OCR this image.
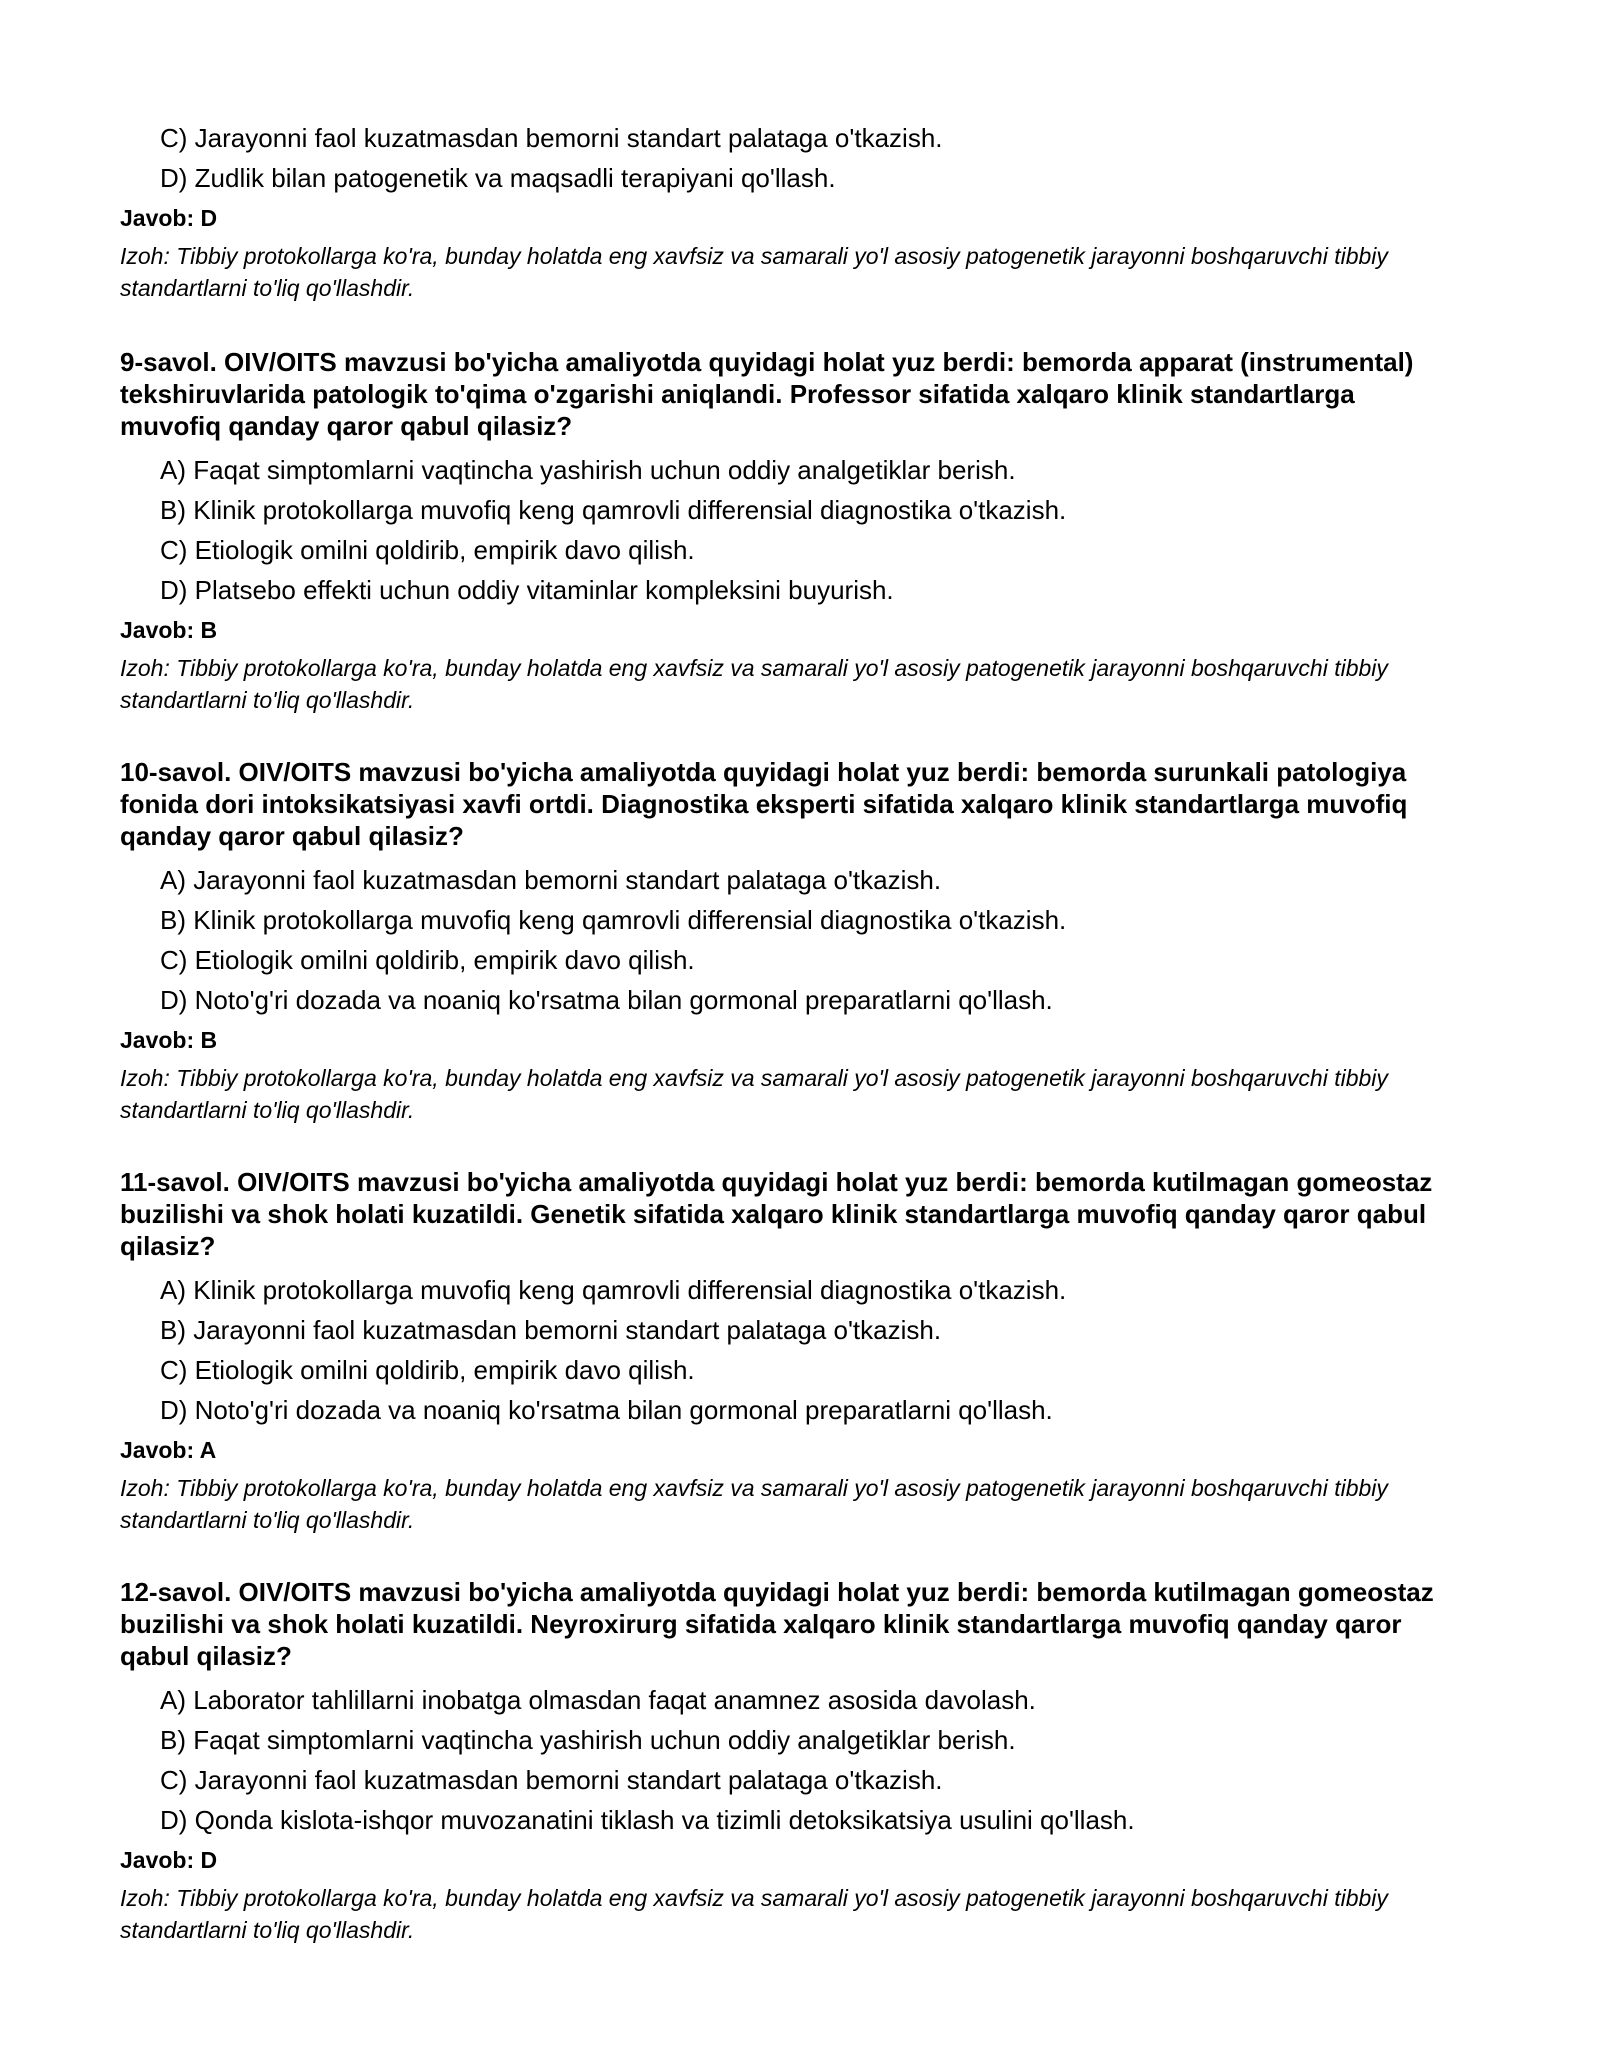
C) Jarayonni faol kuzatmasdan bemorni standart palataga o'tkazish.
D) Zudlik bilan patogenetik va maqsadli terapiyani qo'llash.
Javob: D
Izoh: Tibbiy protokollarga ko'ra, bunday holatda eng xavfsiz va samarali yo'l asosiy patogenetik jarayonni boshqaruvchi tibbiy standartlarni to'liq qo'llashdir.
9-savol. OIV/OITS mavzusi bo'yicha amaliyotda quyidagi holat yuz berdi: bemorda apparat (instrumental) tekshiruvlarida patologik to'qima o'zgarishi aniqlandi. Professor sifatida xalqaro klinik standartlarga muvofiq qanday qaror qabul qilasiz?
A) Faqat simptomlarni vaqtincha yashirish uchun oddiy analgetiklar berish.
B) Klinik protokollarga muvofiq keng qamrovli differensial diagnostika o'tkazish.
C) Etiologik omilni qoldirib, empirik davo qilish.
D) Platsebo effekti uchun oddiy vitaminlar kompleksini buyurish.
Javob: B
Izoh: Tibbiy protokollarga ko'ra, bunday holatda eng xavfsiz va samarali yo'l asosiy patogenetik jarayonni boshqaruvchi tibbiy standartlarni to'liq qo'llashdir.
10-savol. OIV/OITS mavzusi bo'yicha amaliyotda quyidagi holat yuz berdi: bemorda surunkali patologiya fonida dori intoksikatsiyasi xavfi ortdi. Diagnostika eksperti sifatida xalqaro klinik standartlarga muvofiq qanday qaror qabul qilasiz?
A) Jarayonni faol kuzatmasdan bemorni standart palataga o'tkazish.
B) Klinik protokollarga muvofiq keng qamrovli differensial diagnostika o'tkazish.
C) Etiologik omilni qoldirib, empirik davo qilish.
D) Noto'g'ri dozada va noaniq ko'rsatma bilan gormonal preparatlarni qo'llash.
Javob: B
Izoh: Tibbiy protokollarga ko'ra, bunday holatda eng xavfsiz va samarali yo'l asosiy patogenetik jarayonni boshqaruvchi tibbiy standartlarni to'liq qo'llashdir.
11-savol. OIV/OITS mavzusi bo'yicha amaliyotda quyidagi holat yuz berdi: bemorda kutilmagan gomeostaz buzilishi va shok holati kuzatildi. Genetik sifatida xalqaro klinik standartlarga muvofiq qanday qaror qabul qilasiz?
A) Klinik protokollarga muvofiq keng qamrovli differensial diagnostika o'tkazish.
B) Jarayonni faol kuzatmasdan bemorni standart palataga o'tkazish.
C) Etiologik omilni qoldirib, empirik davo qilish.
D) Noto'g'ri dozada va noaniq ko'rsatma bilan gormonal preparatlarni qo'llash.
Javob: A
Izoh: Tibbiy protokollarga ko'ra, bunday holatda eng xavfsiz va samarali yo'l asosiy patogenetik jarayonni boshqaruvchi tibbiy standartlarni to'liq qo'llashdir.
12-savol. OIV/OITS mavzusi bo'yicha amaliyotda quyidagi holat yuz berdi: bemorda kutilmagan gomeostaz buzilishi va shok holati kuzatildi. Neyroxirurg sifatida xalqaro klinik standartlarga muvofiq qanday qaror qabul qilasiz?
A) Laborator tahlillarni inobatga olmasdan faqat anamnez asosida davolash.
B) Faqat simptomlarni vaqtincha yashirish uchun oddiy analgetiklar berish.
C) Jarayonni faol kuzatmasdan bemorni standart palataga o'tkazish.
D) Qonda kislota-ishqor muvozanatini tiklash va tizimli detoksikatsiya usulini qo'llash.
Javob: D
Izoh: Tibbiy protokollarga ko'ra, bunday holatda eng xavfsiz va samarali yo'l asosiy patogenetik jarayonni boshqaruvchi tibbiy standartlarni to'liq qo'llashdir.
